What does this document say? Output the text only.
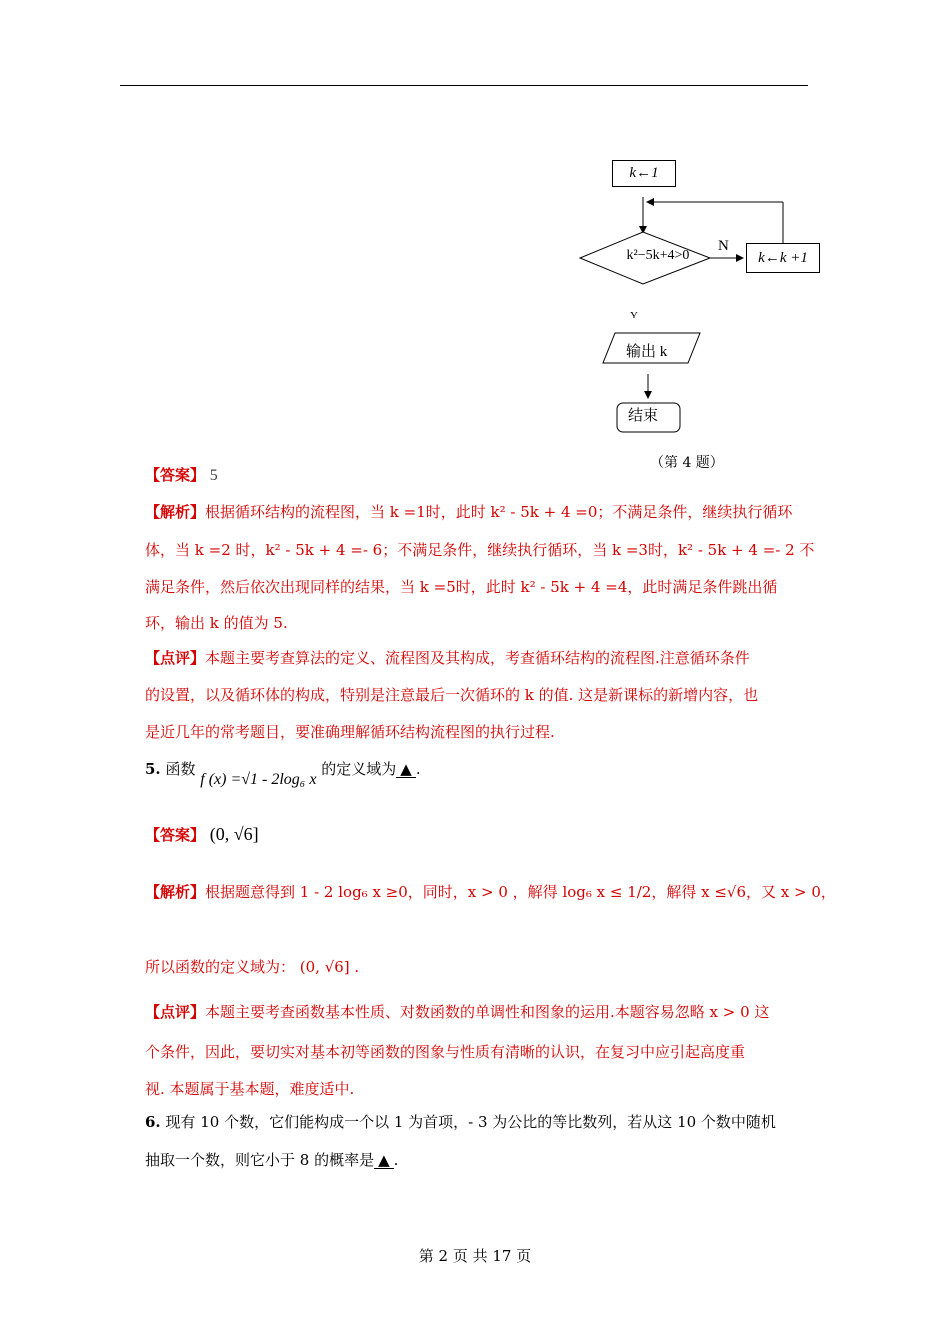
k←1
k²−5k+4>0
N
k←k +1
Y
输出 k
结束
（第 4 题）
【答案】 5
【解析】根据循环结构的流程图，当 k =1时，此时 k² - 5k + 4 =0；不满足条件，继续执行循环
体，当 k =2 时，k² - 5k + 4 =- 6；不满足条件，继续执行循环，当 k =3时，k² - 5k + 4 =- 2 不
满足条件，然后依次出现同样的结果，当 k =5时，此时 k² - 5k + 4 =4，此时满足条件跳出循
环，输出 k 的值为 5.
【点评】本题主要考查算法的定义、流程图及其构成，考查循环结构的流程图.注意循环条件
的设置，以及循环体的构成，特别是注意最后一次循环的 k 的值. 这是新课标的新增内容，也
是近几年的常考题目，要准确理解循环结构流程图的执行过程.
5. 函数 f (x) =√1 - 2log₆ x 的定义域为 ▲ .
【答案】 (0, √6]
【解析】根据题意得到 1 - 2 log₆ x ≥0，同时，x > 0 ，解得 log₆ x ≤ 1/2，解得 x ≤√6，又 x > 0，
所以函数的定义域为： (0, √6] .
【点评】本题主要考查函数基本性质、对数函数的单调性和图象的运用.本题容易忽略 x > 0 这
个条件，因此，要切实对基本初等函数的图象与性质有清晰的认识，在复习中应引起高度重
视. 本题属于基本题，难度适中.
6. 现有 10 个数，它们能构成一个以 1 为首项，- 3 为公比的等比数列，若从这 10 个数中随机
抽取一个数，则它小于 8 的概率是 ▲ .
第 2 页 共 17 页
